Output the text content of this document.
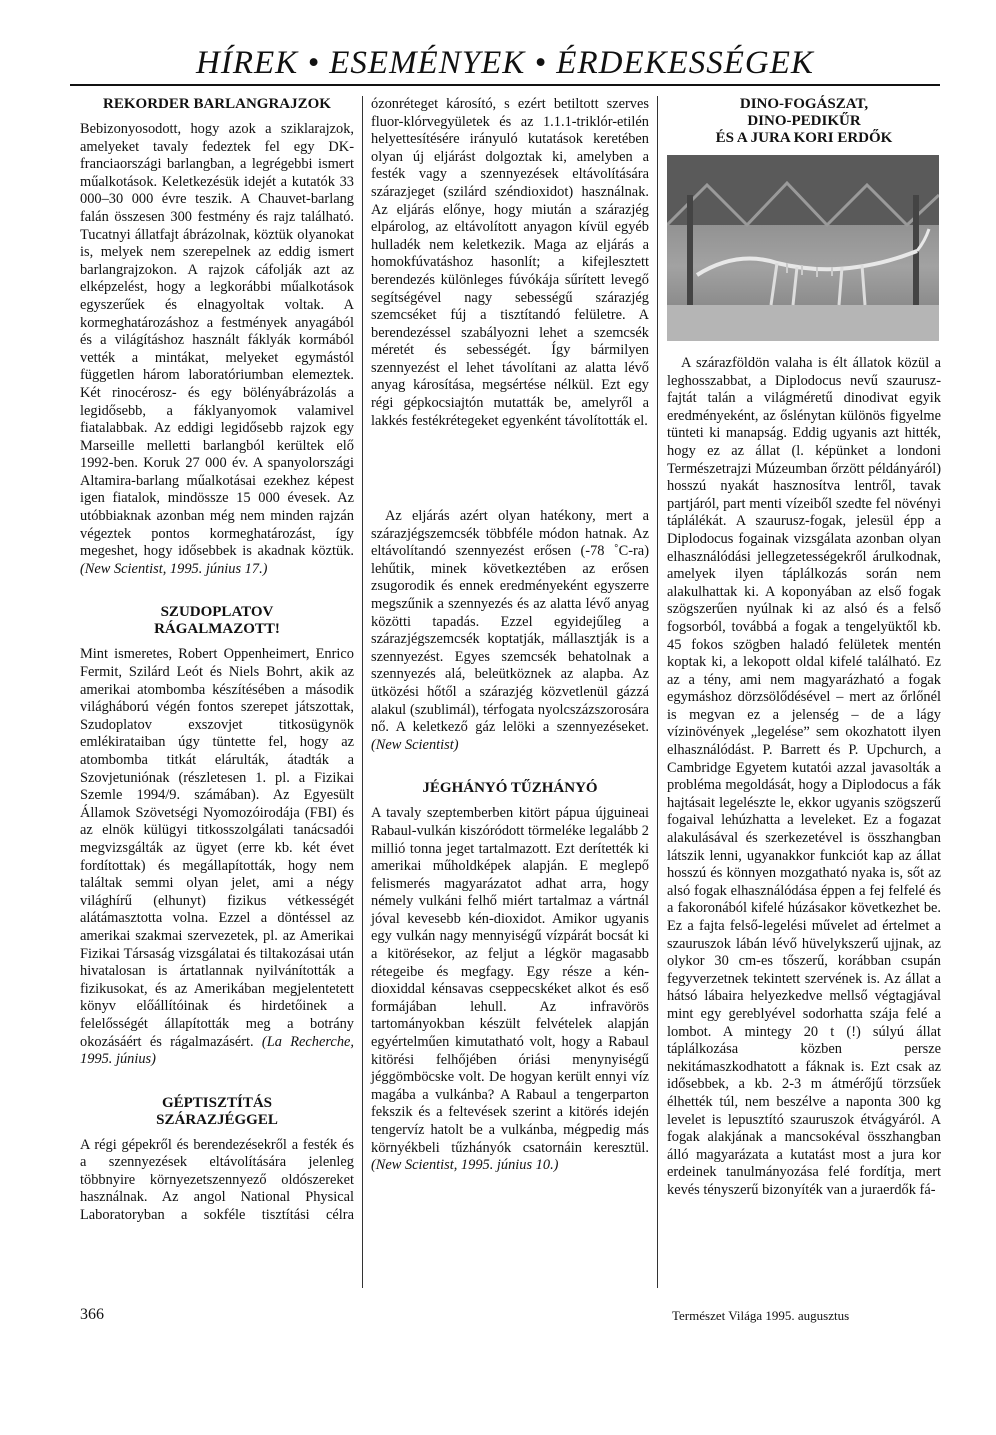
HÍREK • ESEMÉNYEK • ÉRDEKESSÉGEK
REKORDER BARLANGRAJZOK

Bebizonyosodott, hogy azok a sziklarajzok, amelyeket tavaly fedeztek fel egy DK-franciaországi barlangban, a legrégebbi ismert műalkotások. Keletkezésük idejét a kutatók 33 000–30 000 évre teszik. A Chauvet-barlang falán összesen 300 festmény és rajz található. Tucatnyi állatfajt ábrázolnak, köztük olyanokat is, melyek nem szerepelnek az eddig ismert barlangrajzokon. A rajzok cáfolják azt az elképzelést, hogy a legkorábbi műalkotások egyszerűek és elnagyoltak voltak. A kormeghatározáshoz a festmények anyagából és a világításhoz használt fáklyák kormából vették a mintákat, melyeket egymástól független három laboratóriumban elemeztek. Két rinocérosz- és egy bölényábrázolás a legidősebb, a fáklyanyomok valamivel fiatalabbak. Az eddigi legidősebb rajzok egy Marseille melletti barlangból kerültek elő 1992-ben. Koruk 27 000 év. A spanyolországi Altamira-barlang műalkotásai ezekhez képest igen fiatalok, mindössze 15 000 évesek. Az utóbbiaknak azonban még nem minden rajzán végeztek pontos kormeghatározást, így megeshet, hogy idősebbek is akadnak köztük. (New Scientist, 1995. június 17.)

SZUDOPLATOV
RÁGALMAZOTT!

Mint ismeretes, Robert Oppenheimert, Enrico Fermit, Szilárd Leót és Niels Bohrt, akik az amerikai atombomba készítésében a második világháború végén fontos szerepet játszottak, Szudoplatov exszovjet titkosügynök emlékirataiban úgy tüntette fel, hogy az atombomba titkát elárulták, átadták a Szovjetuniónak (részletesen 1. pl. a Fizikai Szemle 1994/9. számában). Az Egyesült Államok Szövetségi Nyomozóirodája (FBI) és az elnök külügyi titkosszolgálati tanácsadói megvizsgálták az ügyet (erre kb. két évet fordítottak) és megállapították, hogy nem találtak semmi olyan jelet, ami a négy világhírű (elhunyt) fizikus vétkességét alátámasztotta volna. Ezzel a döntéssel az amerikai szakmai szervezetek, pl. az Amerikai Fizikai Társaság vizsgálatai és tiltakozásai után hivatalosan is ártatlannak nyilvánították a fizikusokat, és az Amerikában megjelentetett könyv előállítóinak és hirdetőinek a felelősségét állapították meg a botrány okozásáért és rágalmazásért. (La Recherche, 1995. június)

GÉPTISZTÍTÁS
SZÁRAZJÉGGEL

A régi gépekről és berendezésekről a festék és a szennyezések eltávolítására jelenleg többnyire környezetszennyező oldószereket használnak. Az angol National Physical Laboratoryban a sokféle tisztítási célra

ózonréteget károsító, s ezért betiltott szerves fluor-klórvegyületek és az 1.1.1-triklór-etilén helyettesítésére irányuló kutatások keretében olyan új eljárást dolgoztak ki, amelyben a festék vagy a szennyezések eltávolítására szárazjeget (szilárd széndioxidot) használnak. Az eljárás előnye, hogy miután a szárazjég elpárolog, az eltávolított anyagon kívül egyéb hulladék nem keletkezik. Maga az eljárás a homokfúvatáshoz hasonlít; a kifejlesztett berendezés különleges fúvókája sűrített levegő segítségével nagy sebességű szárazjég szemcséket fúj a tisztítandó felületre. A berendezéssel szabályozni lehet a szemcsék méretét és sebességét. Így bármilyen szennyezést el lehet távolítani az alatta lévő anyag károsítása, megsértése nélkül. Ezt egy régi gépkocsiajtón mutatták be, amelyről a lakkés festékrétegeket egyenként távolították el.

Az eljárás azért olyan hatékony, mert a szárazjégszemcsék többféle módon hatnak. Az eltávolítandó szennyezést erősen (-78 ˚C-ra) lehűtik, minek következtében az erősen zsugorodik és ennek eredményeként egyszerre megszűnik a szennyezés és az alatta lévő anyag közötti tapadás. Ezzel egyidejűleg a szárazjégszemcsék koptatják, mállasztják is a szennyezést. Egyes szemcsék behatolnak a szennyezés alá, beleütköznek az alapba. Az ütközési hőtől a szárazjég közvetlenül gázzá alakul (szublimál), térfogata nyolcszázszorosára nő. A keletkező gáz lelöki a szennyezéseket. (New Scientist)

JÉGHÁNYÓ TŰZHÁNYÓ

A tavaly szeptemberben kitört pápua újguineai Rabaul-vulkán kiszóródott törmeléke legalább 2 millió tonna jeget tartalmazott. Ezt derítették ki amerikai műholdképek alapján. E meglepő felismerés magyarázatot adhat arra, hogy némely vulkáni felhő miért tartalmaz a vártnál jóval kevesebb kén-dioxidot. Amikor ugyanis egy vulkán nagy mennyiségű vízpárát bocsát ki a kitörésekor, az feljut a légkör magasabb rétegeibe és megfagy. Egy része a kén-dioxiddal kénsavas cseppecskéket alkot és eső formájában lehull. Az infravörös tartományokban készült felvételek alapján egyértelműen kimutatható volt, hogy a Rabaul kitörési felhőjében óriási menynyiségű jéggömböcske volt. De hogyan került ennyi víz magába a vulkánba? A Rabaul a tengerparton fekszik és a feltevések szerint a kitörés idején tengervíz hatolt be a vulkánba, mégpedig más környékbeli tűzhányók csatornáin keresztül. (New Scientist, 1995. június 10.)

DINO-FOGÁSZAT,
DINO-PEDIKŰR
ÉS A JURA KORI ERDŐK

A szárazföldön valaha is élt állatok közül a leghosszabbat, a Diplodocus nevű szaurusz-fajtát talán a világméretű dinodivat egyik eredményeként, az őslénytan különös figyelme tünteti ki manapság. Eddig ugyanis azt hitték, hogy ez az állat (l. képünket a londoni Természetrajzi Múzeumban őrzött példányáról) hosszú nyakát hasznosítva lentről, tavak partjáról, part menti vízeiből szedte fel növényi táplálékát. A szaurusz-fogak, jelesül épp a Diplodocus fogainak vizsgálata azonban olyan elhasználódási jellegzetességekről árulkodnak, amelyek ilyen táplálkozás során nem alakulhattak ki. A koponyában az első fogak szögszerűen nyúlnak ki az alsó és a felső fogsorból, továbbá a fogak a tengelyüktől kb. 45 fokos szögben haladó felületek mentén koptak ki, a lekopott oldal kifelé található. Ez az a tény, ami nem magyarázható a fogak egymáshoz dörzsölődésével – mert az őrlőnél is megvan ez a jelenség – de a lágy vízinövények „legelése” sem okozhatott ilyen elhasználódást. P. Barrett és P. Upchurch, a Cambridge Egyetem kutatói azzal javasolták a probléma megoldását, hogy a Diplodocus a fák hajtásait legelészte le, ekkor ugyanis szögszerű fogaival lehúzhatta a leveleket. Ez a fogazat alakulásával és szerkezetével is összhangban látszik lenni, ugyanakkor funkciót kap az állat hosszú és könnyen mozgatható nyaka is, sőt az alsó fogak elhasználódása éppen a fej felfelé és a fakoronából kifelé húzásakor következhet be. Ez a fajta felső-legelési művelet ad értelmet a szauruszok lábán lévő hüvelykszerű ujjnak, az olykor 30 cm-es tőszerű, korábban csupán fegyverzetnek tekintett szervének is. Az állat a hátsó lábaira helyezkedve mellső végtagjával mint egy gereblyével sodorhatta szája felé a lombot. A mintegy 20 t (!) súlyú állat táplálkozása közben persze nekitámaszkodhatott a fáknak is. Ezt csak az idősebbek, a kb. 2-3 m átmérőjű törzsűek élhették túl, nem beszélve a naponta 300 kg levelet is lepusztító szauruszok étvágyáról. A fogak alakjának a mancsokéval összhangban álló magyarázata a kutatást most a jura kor erdeinek tanulmányozása felé fordítja, mert kevés tényszerű bizonyíték van a juraerdők fá-

366	Természet Világa 1995. augusztus
